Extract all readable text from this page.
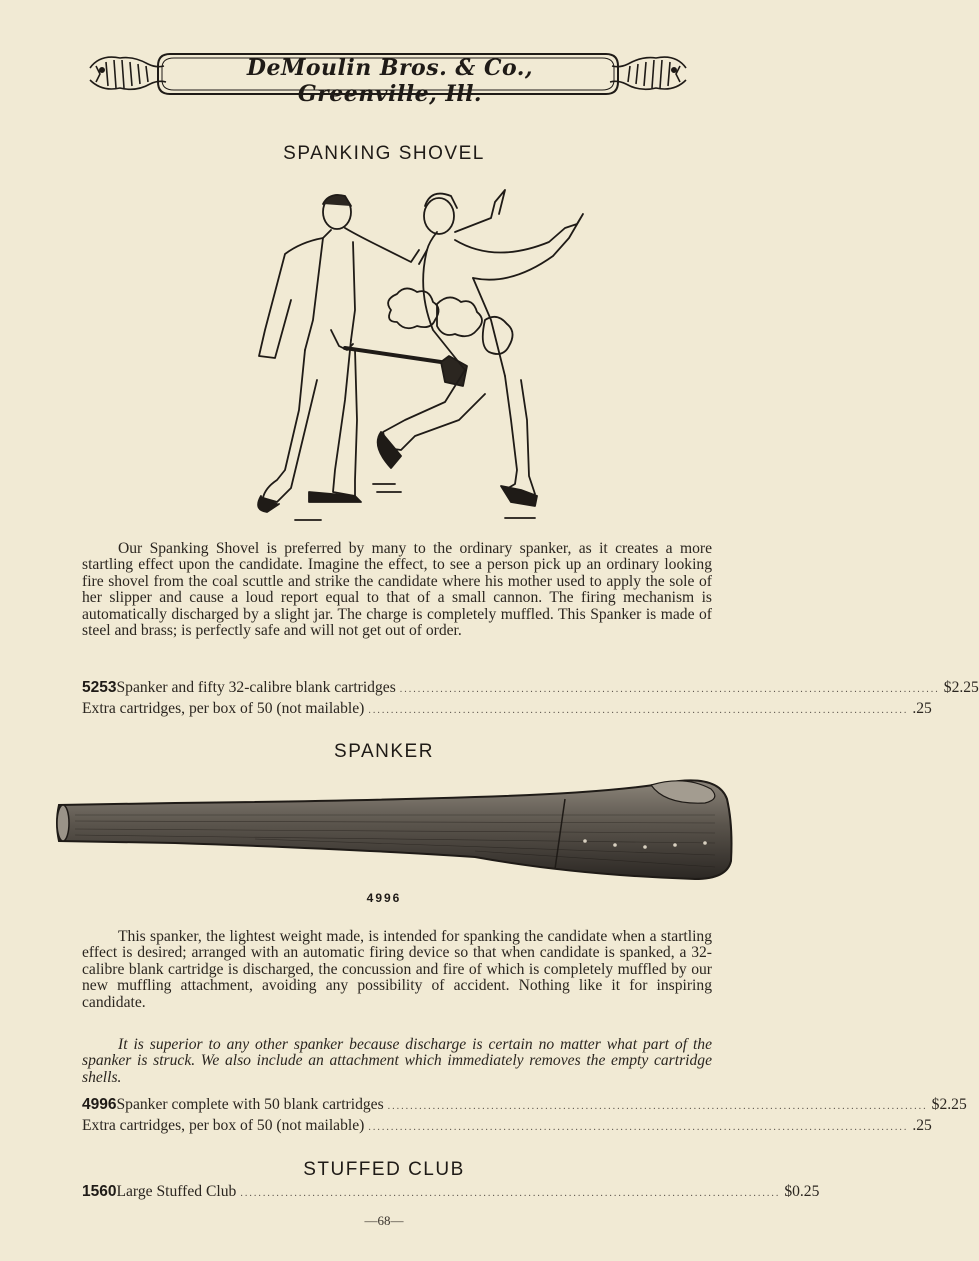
DeMoulin Bros. & Co., Greenville, Ill.
SPANKING SHOVEL
Our Spanking Shovel is preferred by many to the ordinary spanker, as it creates a more startling effect upon the candidate. Imagine the effect, to see a person pick up an ordinary looking fire shovel from the coal scuttle and strike the candidate where his mother used to apply the sole of her slipper and cause a loud report equal to that of a small cannon. The firing mechanism is automatically discharged by a slight jar. The charge is completely muffled. This Spanker is made of steel and brass; is perfectly safe and will not get out of order.
5253 Spanker and fifty 32-calibre blank cartridges ........................................................................................................................ $2.25
Extra cartridges, per box of 50 (not mailable) ........................................................................................................................ .25
SPANKER
4996
This spanker, the lightest weight made, is intended for spanking the candidate when a startling effect is desired; arranged with an automatic firing device so that when candidate is spanked, a 32-calibre blank cartridge is discharged, the concussion and fire of which is completely muffled by our new muffling attachment, avoiding any possibility of accident. Nothing like it for inspiring candidate.
It is superior to any other spanker because discharge is certain no matter what part of the spanker is struck. We also include an attachment which immediately removes the empty cartridge shells.
4996 Spanker complete with 50 blank cartridges ........................................................................................................................ $2.25
Extra cartridges, per box of 50 (not mailable) ........................................................................................................................ .25
STUFFED CLUB
1560 Large Stuffed Club ........................................................................................................................ $0.25
—68—
